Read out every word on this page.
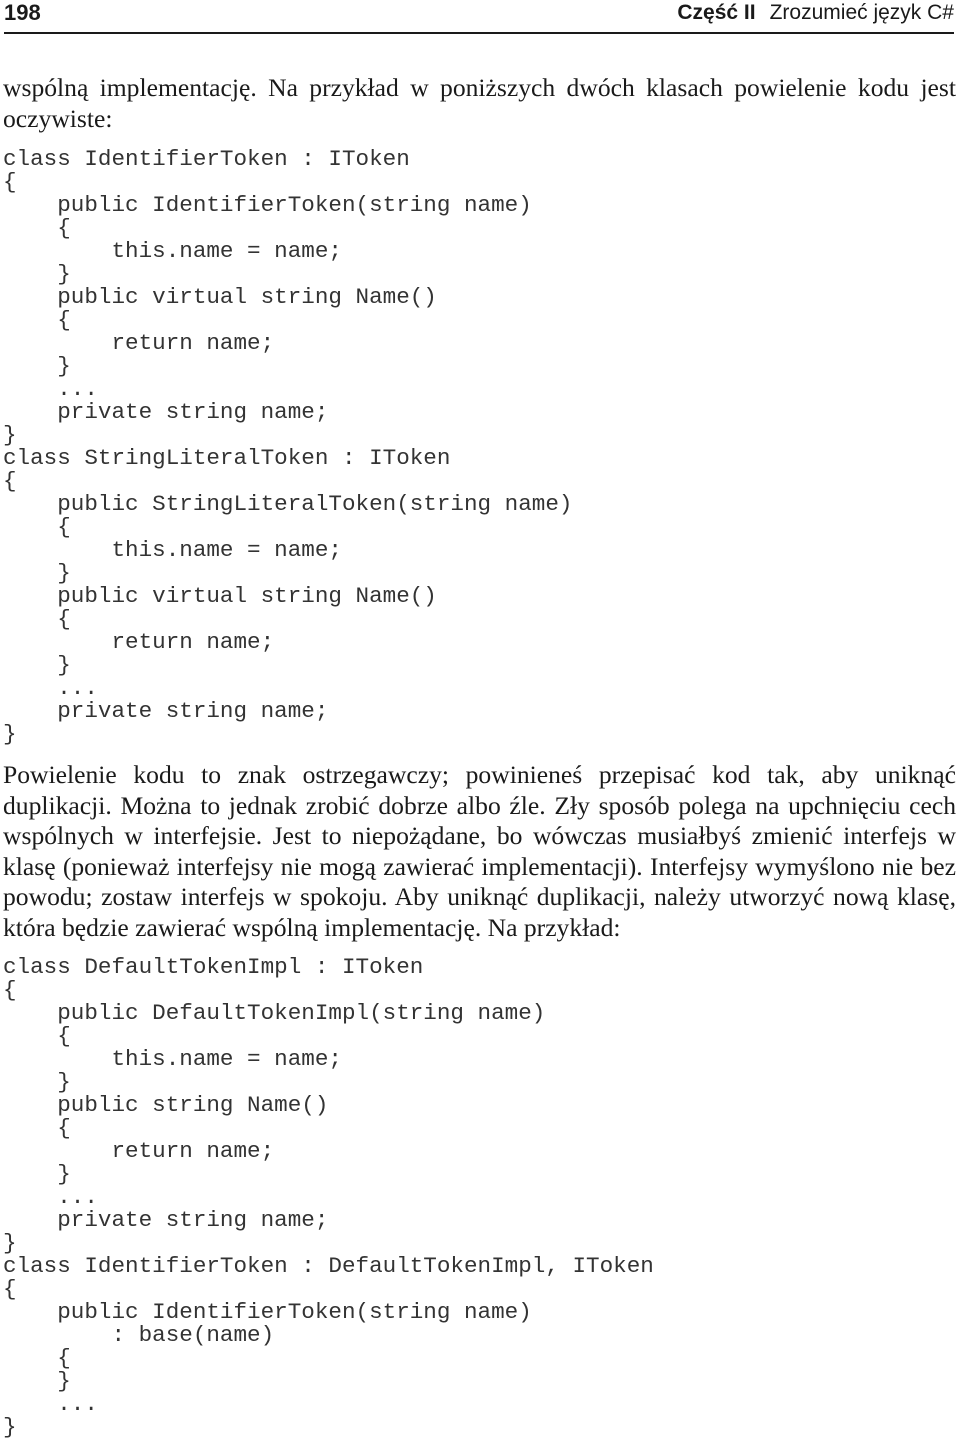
198	Część II Zrozumieć język C#

wspólną implementację. Na przykład w poniższych dwóch klasach powielenie kodu jest oczywiste:

class IdentifierToken : IToken
{
public IdentifierToken(string name)
{
this.name = name;
}
public virtual string Name()
{
return name;
}
...
private string name;
}
class StringLiteralToken : IToken
{
public StringLiteralToken(string name)
{
this.name = name;
}
public virtual string Name()
{
return name;
}
...
private string name;
}

Powielenie kodu to znak ostrzegawczy; powinieneś przepisać kod tak, aby uniknąć duplikacji. Można to jednak zrobić dobrze albo źle. Zły sposób polega na upchnięciu cech wspólnych w interfejsie. Jest to niepożądane, bo wówczas musiałbyś zmienić interfejs w klasę (ponieważ interfejsy nie mogą zawierać implementacji). Interfejsy wymyślono nie bez powodu; zostaw interfejs w spokoju. Aby uniknąć duplikacji, należy utworzyć nową klasę, która będzie zawierać wspólną implementację. Na przykład:

class DefaultTokenImpl : IToken
{
public DefaultTokenImpl(string name)
{
this.name = name;
}
public string Name()
{
return name;
}
...
private string name;
}
class IdentifierToken : DefaultTokenImpl, IToken
{
public IdentifierToken(string name)
: base(name)
{
}
...
}
